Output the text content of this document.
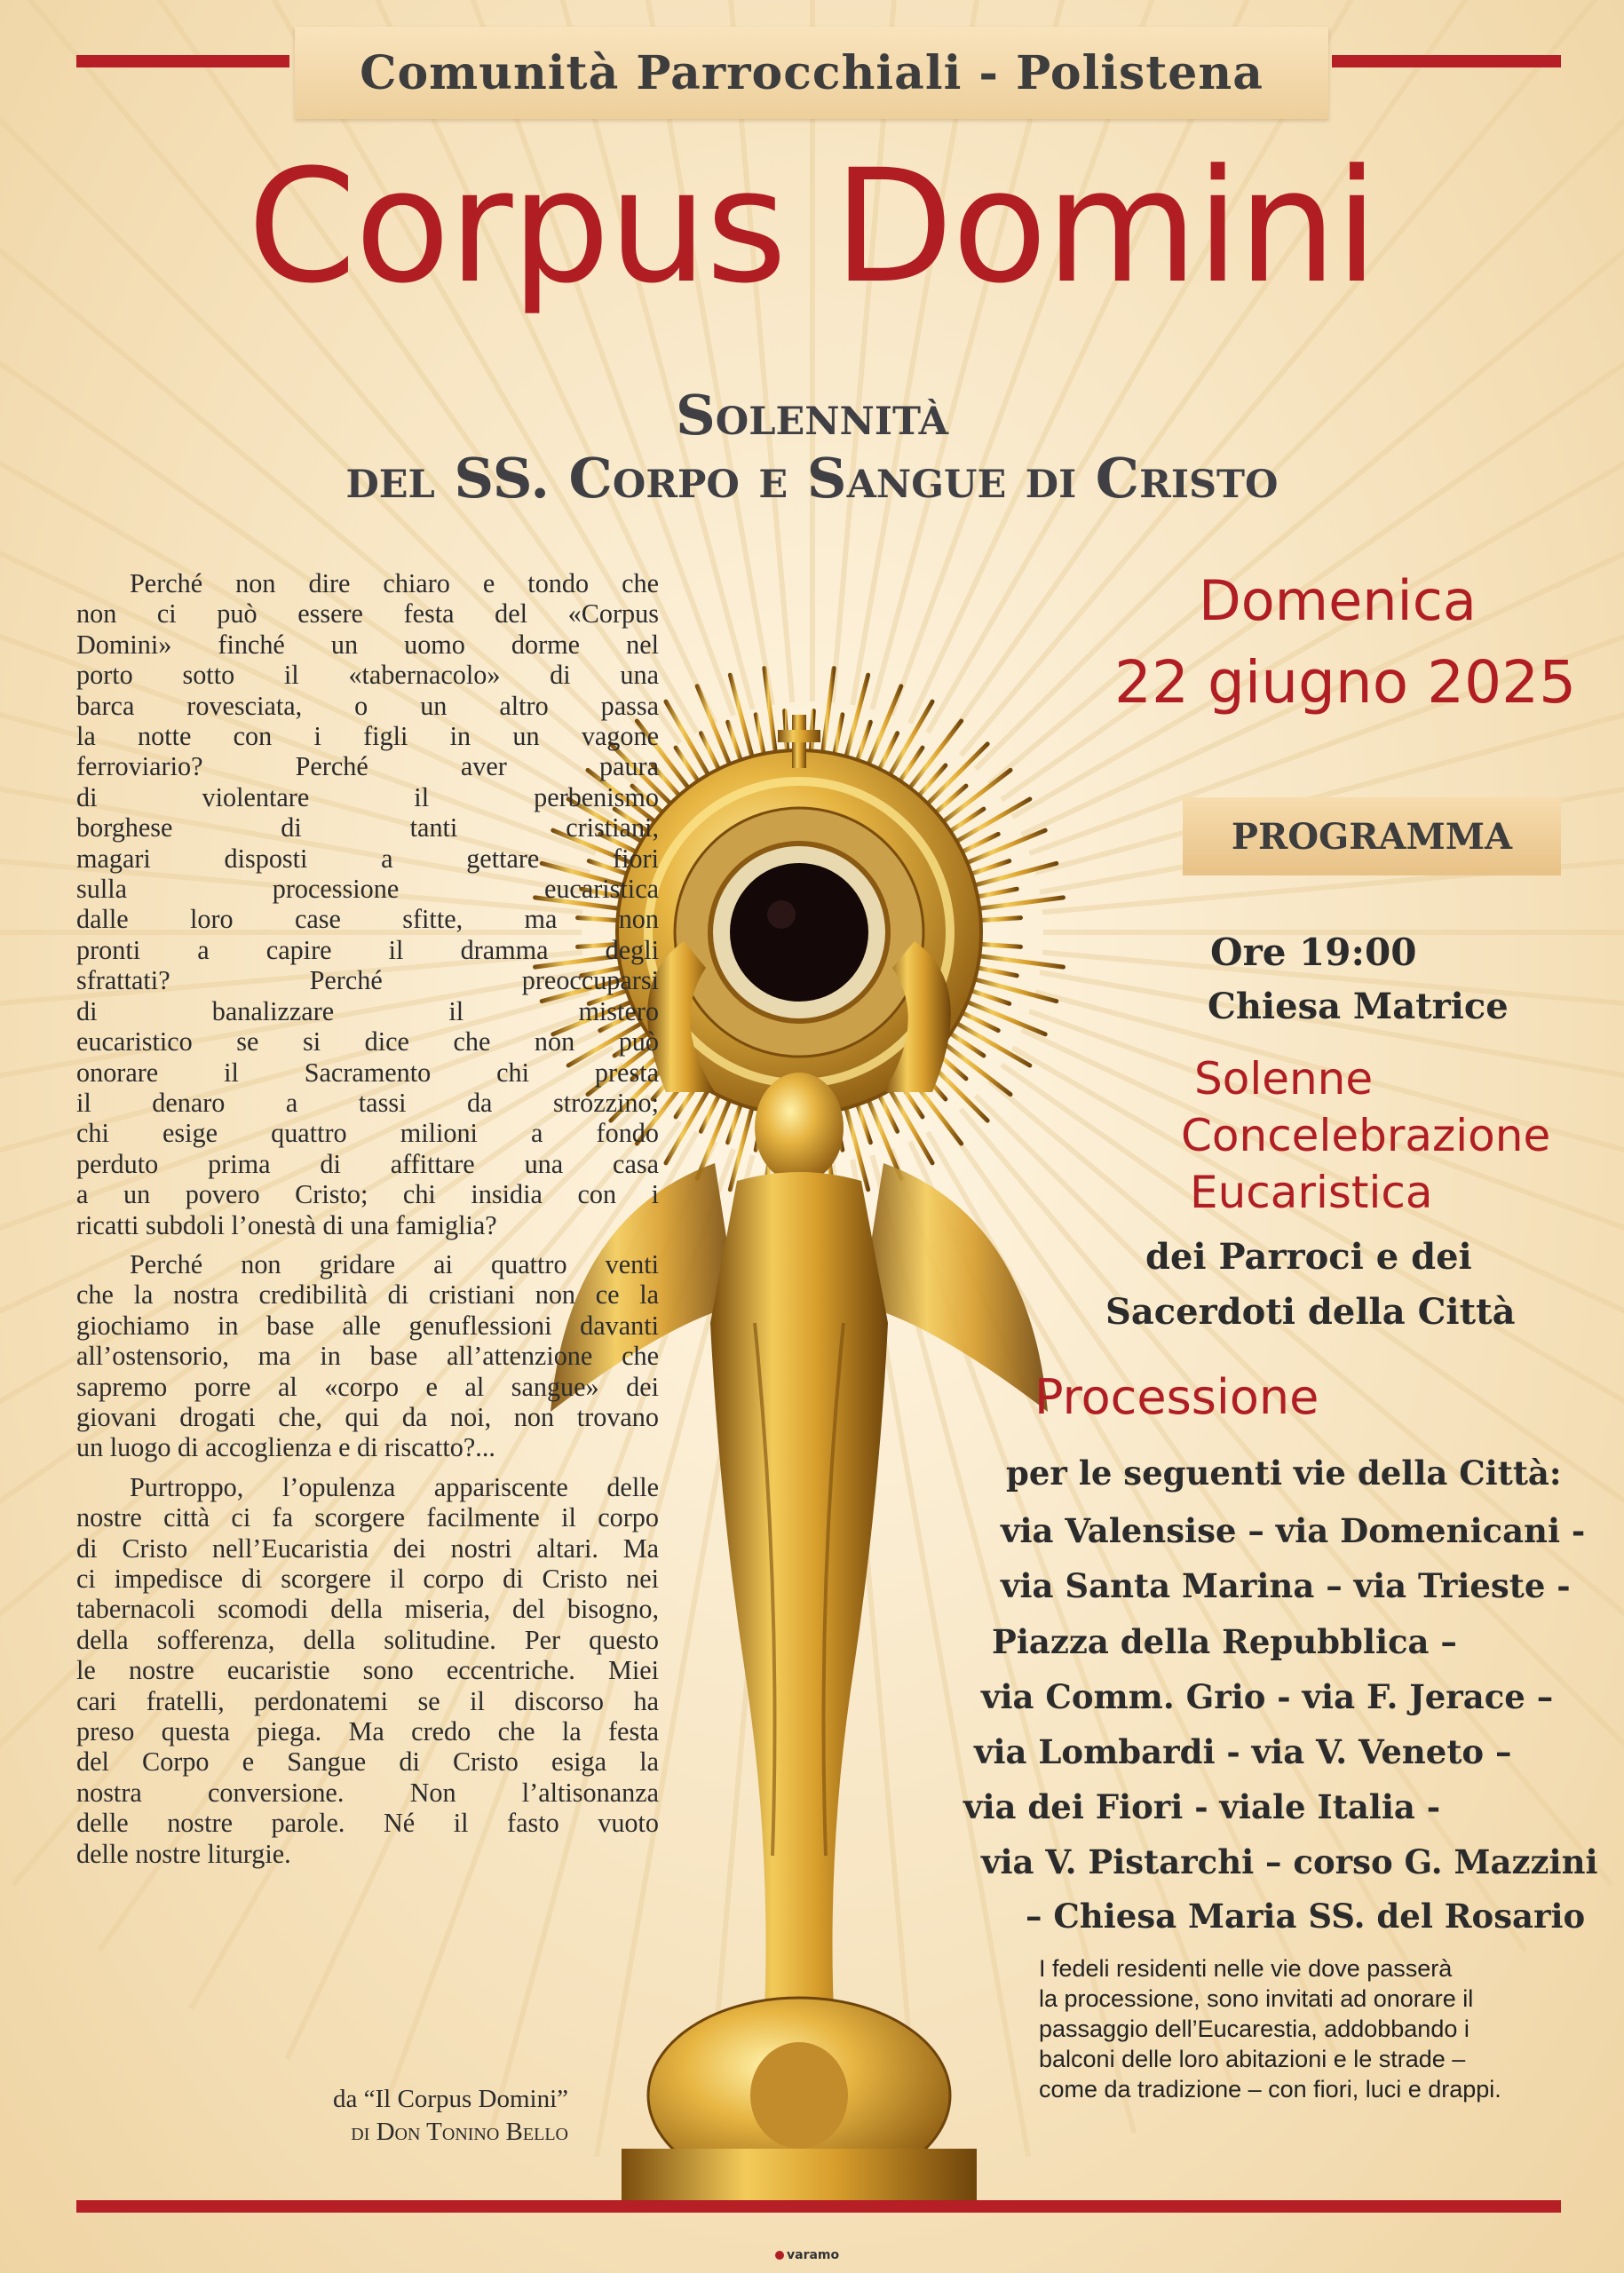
Comunità Parrocchiali - Polistena
Corpus Domini
Solennità
del SS. Corpo e Sangue di Cristo

Perché non dire chiaro e tondo che
non ci può essere festa del «Corpus
Domini» finché un uomo dorme nel
porto sotto il «tabernacolo» di una
barca rovesciata, o un altro passa
la notte con i figli in un vagone
ferroviario? Perché aver paura
di violentare il perbenismo
borghese di tanti cristiani,
magari disposti a gettare fiori
sulla processione eucaristica
dalle loro case sfitte, ma non
pronti a capire il dramma degli
sfrattati? Perché preoccuparsi
di banalizzare il mistero
eucaristico se si dice che non può
onorare il Sacramento chi presta
il denaro a tassi da strozzino;
chi esige quattro milioni a fondo
perduto prima di affittare una casa
a un povero Cristo; chi insidia con i
ricatti subdoli l’onestà di una famiglia?

Perché non gridare ai quattro venti
che la nostra credibilità di cristiani non ce la
giochiamo in base alle genuflessioni davanti
all’ostensorio, ma in base all’attenzione che
sapremo porre al «corpo e al sangue» dei
giovani drogati che, qui da noi, non trovano
un luogo di accoglienza e di riscatto?...

Purtroppo, l’opulenza appariscente delle
nostre città ci fa scorgere facilmente il corpo
di Cristo nell’Eucaristia dei nostri altari. Ma
ci impedisce di scorgere il corpo di Cristo nei
tabernacoli scomodi della miseria, del bisogno,
della sofferenza, della solitudine. Per questo
le nostre eucaristie sono eccentriche. Miei
cari fratelli, perdonatemi se il discorso ha
preso questa piega. Ma credo che la festa
del Corpo e Sangue di Cristo esiga la
nostra conversione. Non l’altisonanza
delle nostre parole. Né il fasto vuoto
delle nostre liturgie.

da “Il Corpus Domini”
di Don Tonino Bello
Domenica
22 giugno 2025
PROGRAMMA
Ore 19:00
Chiesa Matrice
Solenne
Concelebrazione
Eucaristica
dei Parroci e dei
Sacerdoti della Città
Processione
per le seguenti vie della Città:
via Valensise – via Domenicani -
via Santa Marina – via Trieste -
Piazza della Repubblica –
via Comm. Grio - via F. Jerace –
via Lombardi - via V. Veneto –
via dei Fiori - viale Italia -
via V. Pistarchi – corso G. Mazzini
– Chiesa Maria SS. del Rosario
I fedeli residenti nelle vie dove passerà
la processione, sono invitati ad onorare il
passaggio dell’Eucarestia, addobbando i
balconi delle loro abitazioni e le strade –
come da tradizione – con fiori, luci e drappi.
varamo
